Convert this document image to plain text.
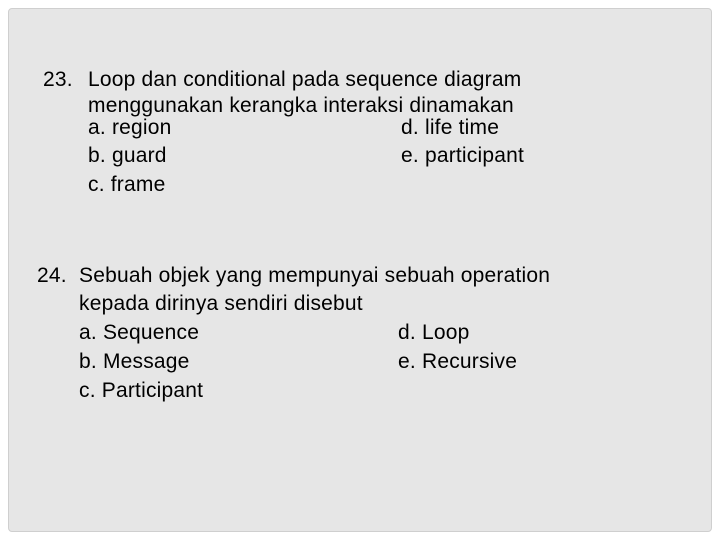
23. Loop dan conditional pada sequence diagram
menggunakan kerangka interaksi dinamakan
a. region
b. guard
c. frame
d. life time
e. participant
24. Sebuah objek yang mempunyai sebuah operation
kepada dirinya sendiri disebut
a. Sequence
b. Message
c. Participant
d. Loop
e. Recursive
